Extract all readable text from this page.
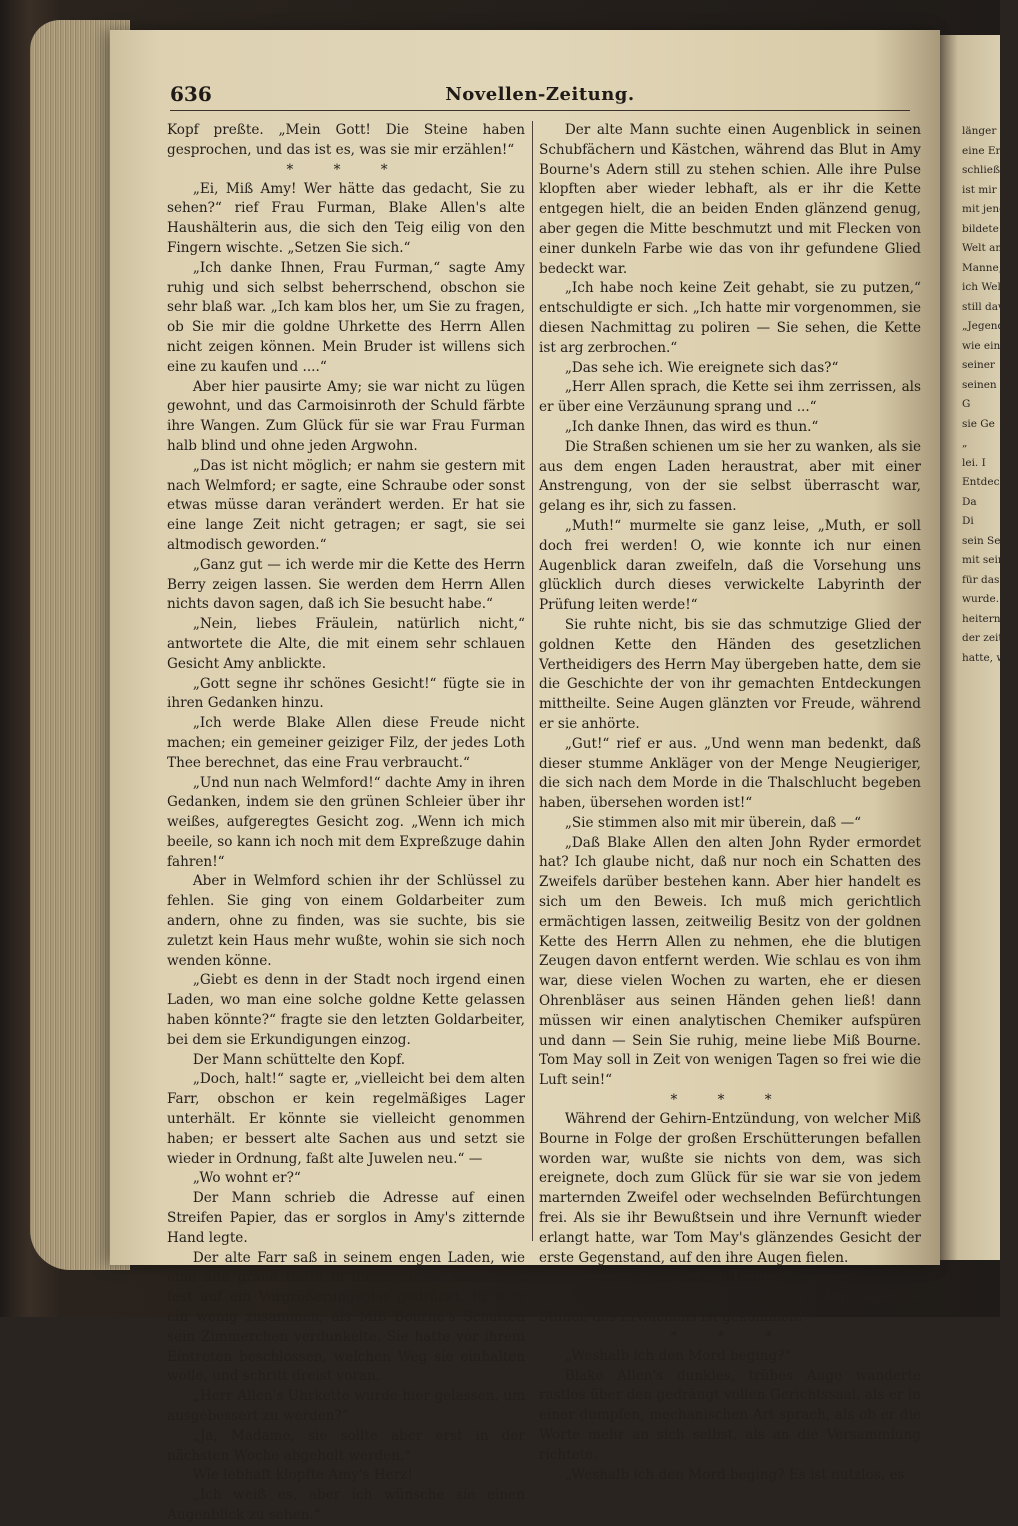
länger fr
eine Erle
schließe.
ist mir n
mit jenen
bildete ich
Welt am
Manne,
ich Welten
still davo
„Jegend
wie ein
seiner
seinen S
G
sie Ge
„
lei. I
Entdeck
Da
Di
sein Sein
mit sein
für das
wurde.
heitern
der zeit
hatte, w
636	Novellen-Zeitung.

Kopf preßte. „Mein Gott! Die Steine haben gesprochen, und das ist es, was sie mir erzählen!“

* * *

„Ei, Miß Amy! Wer hätte das gedacht, Sie zu sehen?“ rief Frau Furman, Blake Allen's alte Haushälterin aus, die sich den Teig eilig von den Fingern wischte. „Setzen Sie sich.“

„Ich danke Ihnen, Frau Furman,“ sagte Amy ruhig und sich selbst beherrschend, obschon sie sehr blaß war. „Ich kam blos her, um Sie zu fragen, ob Sie mir die goldne Uhrkette des Herrn Allen nicht zeigen können. Mein Bruder ist willens sich eine zu kaufen und ....“

Aber hier pausirte Amy; sie war nicht zu lügen gewohnt, und das Carmoisinroth der Schuld färbte ihre Wangen. Zum Glück für sie war Frau Furman halb blind und ohne jeden Argwohn.

„Das ist nicht möglich; er nahm sie gestern mit nach Welmford; er sagte, eine Schraube oder sonst etwas müsse daran verändert werden. Er hat sie eine lange Zeit nicht getragen; er sagt, sie sei altmodisch geworden.“

„Ganz gut — ich werde mir die Kette des Herrn Berry zeigen lassen. Sie werden dem Herrn Allen nichts davon sagen, daß ich Sie besucht habe.“

„Nein, liebes Fräulein, natürlich nicht,“ antwortete die Alte, die mit einem sehr schlauen Gesicht Amy anblickte.

„Gott segne ihr schönes Gesicht!“ fügte sie in ihren Gedanken hinzu.

„Ich werde Blake Allen diese Freude nicht machen; ein gemeiner geiziger Filz, der jedes Loth Thee berechnet, das eine Frau verbraucht.“

„Und nun nach Welmford!“ dachte Amy in ihren Gedanken, indem sie den grünen Schleier über ihr weißes, aufgeregtes Gesicht zog. „Wenn ich mich beeile, so kann ich noch mit dem Expreßzuge dahin fahren!“

Aber in Welmford schien ihr der Schlüssel zu fehlen. Sie ging von einem Goldarbeiter zum andern, ohne zu finden, was sie suchte, bis sie zuletzt kein Haus mehr wußte, wohin sie sich noch wenden könne.

„Giebt es denn in der Stadt noch irgend einen Laden, wo man eine solche goldne Kette gelassen haben könnte?“ fragte sie den letzten Goldarbeiter, bei dem sie Erkundigungen einzog.

Der Mann schüttelte den Kopf.

„Doch, halt!“ sagte er, „vielleicht bei dem alten Farr, obschon er kein regelmäßiges Lager unterhält. Er könnte sie vielleicht genommen haben; er bessert alte Sachen aus und setzt sie wieder in Ordnung, faßt alte Juwelen neu.“ —

„Wo wohnt er?“

Der Mann schrieb die Adresse auf einen Streifen Papier, das er sorglos in Amy's zitternde Hand legte.

Der alte Farr saß in seinem engen Laden, wie eine alte graue Ratte in ihrem Loche, sein Auge fest auf ein Vergrößerungsglas gedrückt. Er fuhr ein wenig zusammen, als Miß Bourne's Schatten sein Zimmerchen verdunkelte. Sie hatte vor ihrem Eintreten beschlossen, welchen Weg sie einhalten wolle, und schritt dreist voran.

„Herr Allen's Uhrkette wurde hier gelassen, um ausgebessert zu werden?“

„Ja, Madame, sie sollte aber erst in der nächsten Woche abgeholt werden.“

Wie lebhaft klopfte Amy's Herz!

„Ich weiß es, aber ich wünsche sie einen Augenblick zu sehen.“

Der alte Mann suchte einen Augenblick in seinen Schubfächern und Kästchen, während das Blut in Amy Bourne's Adern still zu stehen schien. Alle ihre Pulse klopften aber wieder lebhaft, als er ihr die Kette entgegen hielt, die an beiden Enden glänzend genug, aber gegen die Mitte beschmutzt und mit Flecken von einer dunkeln Farbe wie das von ihr gefundene Glied bedeckt war.

„Ich habe noch keine Zeit gehabt, sie zu putzen,“ entschuldigte er sich. „Ich hatte mir vorgenommen, sie diesen Nachmittag zu poliren — Sie sehen, die Kette ist arg zerbrochen.“

„Das sehe ich. Wie ereignete sich das?“

„Herr Allen sprach, die Kette sei ihm zerrissen, als er über eine Verzäunung sprang und ...“

„Ich danke Ihnen, das wird es thun.“

Die Straßen schienen um sie her zu wanken, als sie aus dem engen Laden heraustrat, aber mit einer Anstrengung, von der sie selbst überrascht war, gelang es ihr, sich zu fassen.

„Muth!“ murmelte sie ganz leise, „Muth, er soll doch frei werden! O, wie konnte ich nur einen Augenblick daran zweifeln, daß die Vorsehung uns glücklich durch dieses verwickelte Labyrinth der Prüfung leiten werde!“

Sie ruhte nicht, bis sie das schmutzige Glied der goldnen Kette den Händen des gesetzlichen Vertheidigers des Herrn May übergeben hatte, dem sie die Geschichte der von ihr gemachten Entdeckungen mittheilte. Seine Augen glänzten vor Freude, während er sie anhörte.

„Gut!“ rief er aus. „Und wenn man bedenkt, daß dieser stumme Ankläger von der Menge Neugieriger, die sich nach dem Morde in die Thalschlucht begeben haben, übersehen worden ist!“

„Sie stimmen also mit mir überein, daß —“

„Daß Blake Allen den alten John Ryder ermordet hat? Ich glaube nicht, daß nur noch ein Schatten des Zweifels darüber bestehen kann. Aber hier handelt es sich um den Beweis. Ich muß mich gerichtlich ermächtigen lassen, zeitweilig Besitz von der goldnen Kette des Herrn Allen zu nehmen, ehe die blutigen Zeugen davon entfernt werden. Wie schlau es von ihm war, diese vielen Wochen zu warten, ehe er diesen Ohrenbläser aus seinen Händen gehen ließ! dann müssen wir einen analytischen Chemiker aufspüren und dann — Sein Sie ruhig, meine liebe Miß Bourne. Tom May soll in Zeit von wenigen Tagen so frei wie die Luft sein!“

* * *

Während der Gehirn-Entzündung, von welcher Miß Bourne in Folge der großen Erschütterungen befallen worden war, wußte sie nichts von dem, was sich ereignete, doch zum Glück für sie war sie von jedem marternden Zweifel oder wechselnden Befürchtungen frei. Als sie ihr Bewußtsein und ihre Vernunft wieder erlangt hatte, war Tom May's glänzendes Gesicht der erste Gegenstand, auf den ihre Augen fielen.

„Tom, war das Alles ein Traum?“

„Ein fieberhafter, unruhiger Traum, Amy; aber die Stunde des Erwachens ist gekommen!“

* * *

„Weshalb ich den Mord beging?“

Blake Allen's dunkles, trübes Auge wanderte rastlos über den gedrängt vollen Gerichtssaal, als er in einer dumpfen, mechanischen Art sprach, als ob er die Worte mehr an sich selbst, als an die Versammlung richtete.

„Weshalb ich den Mord beging? Es ist nutzlos, es
